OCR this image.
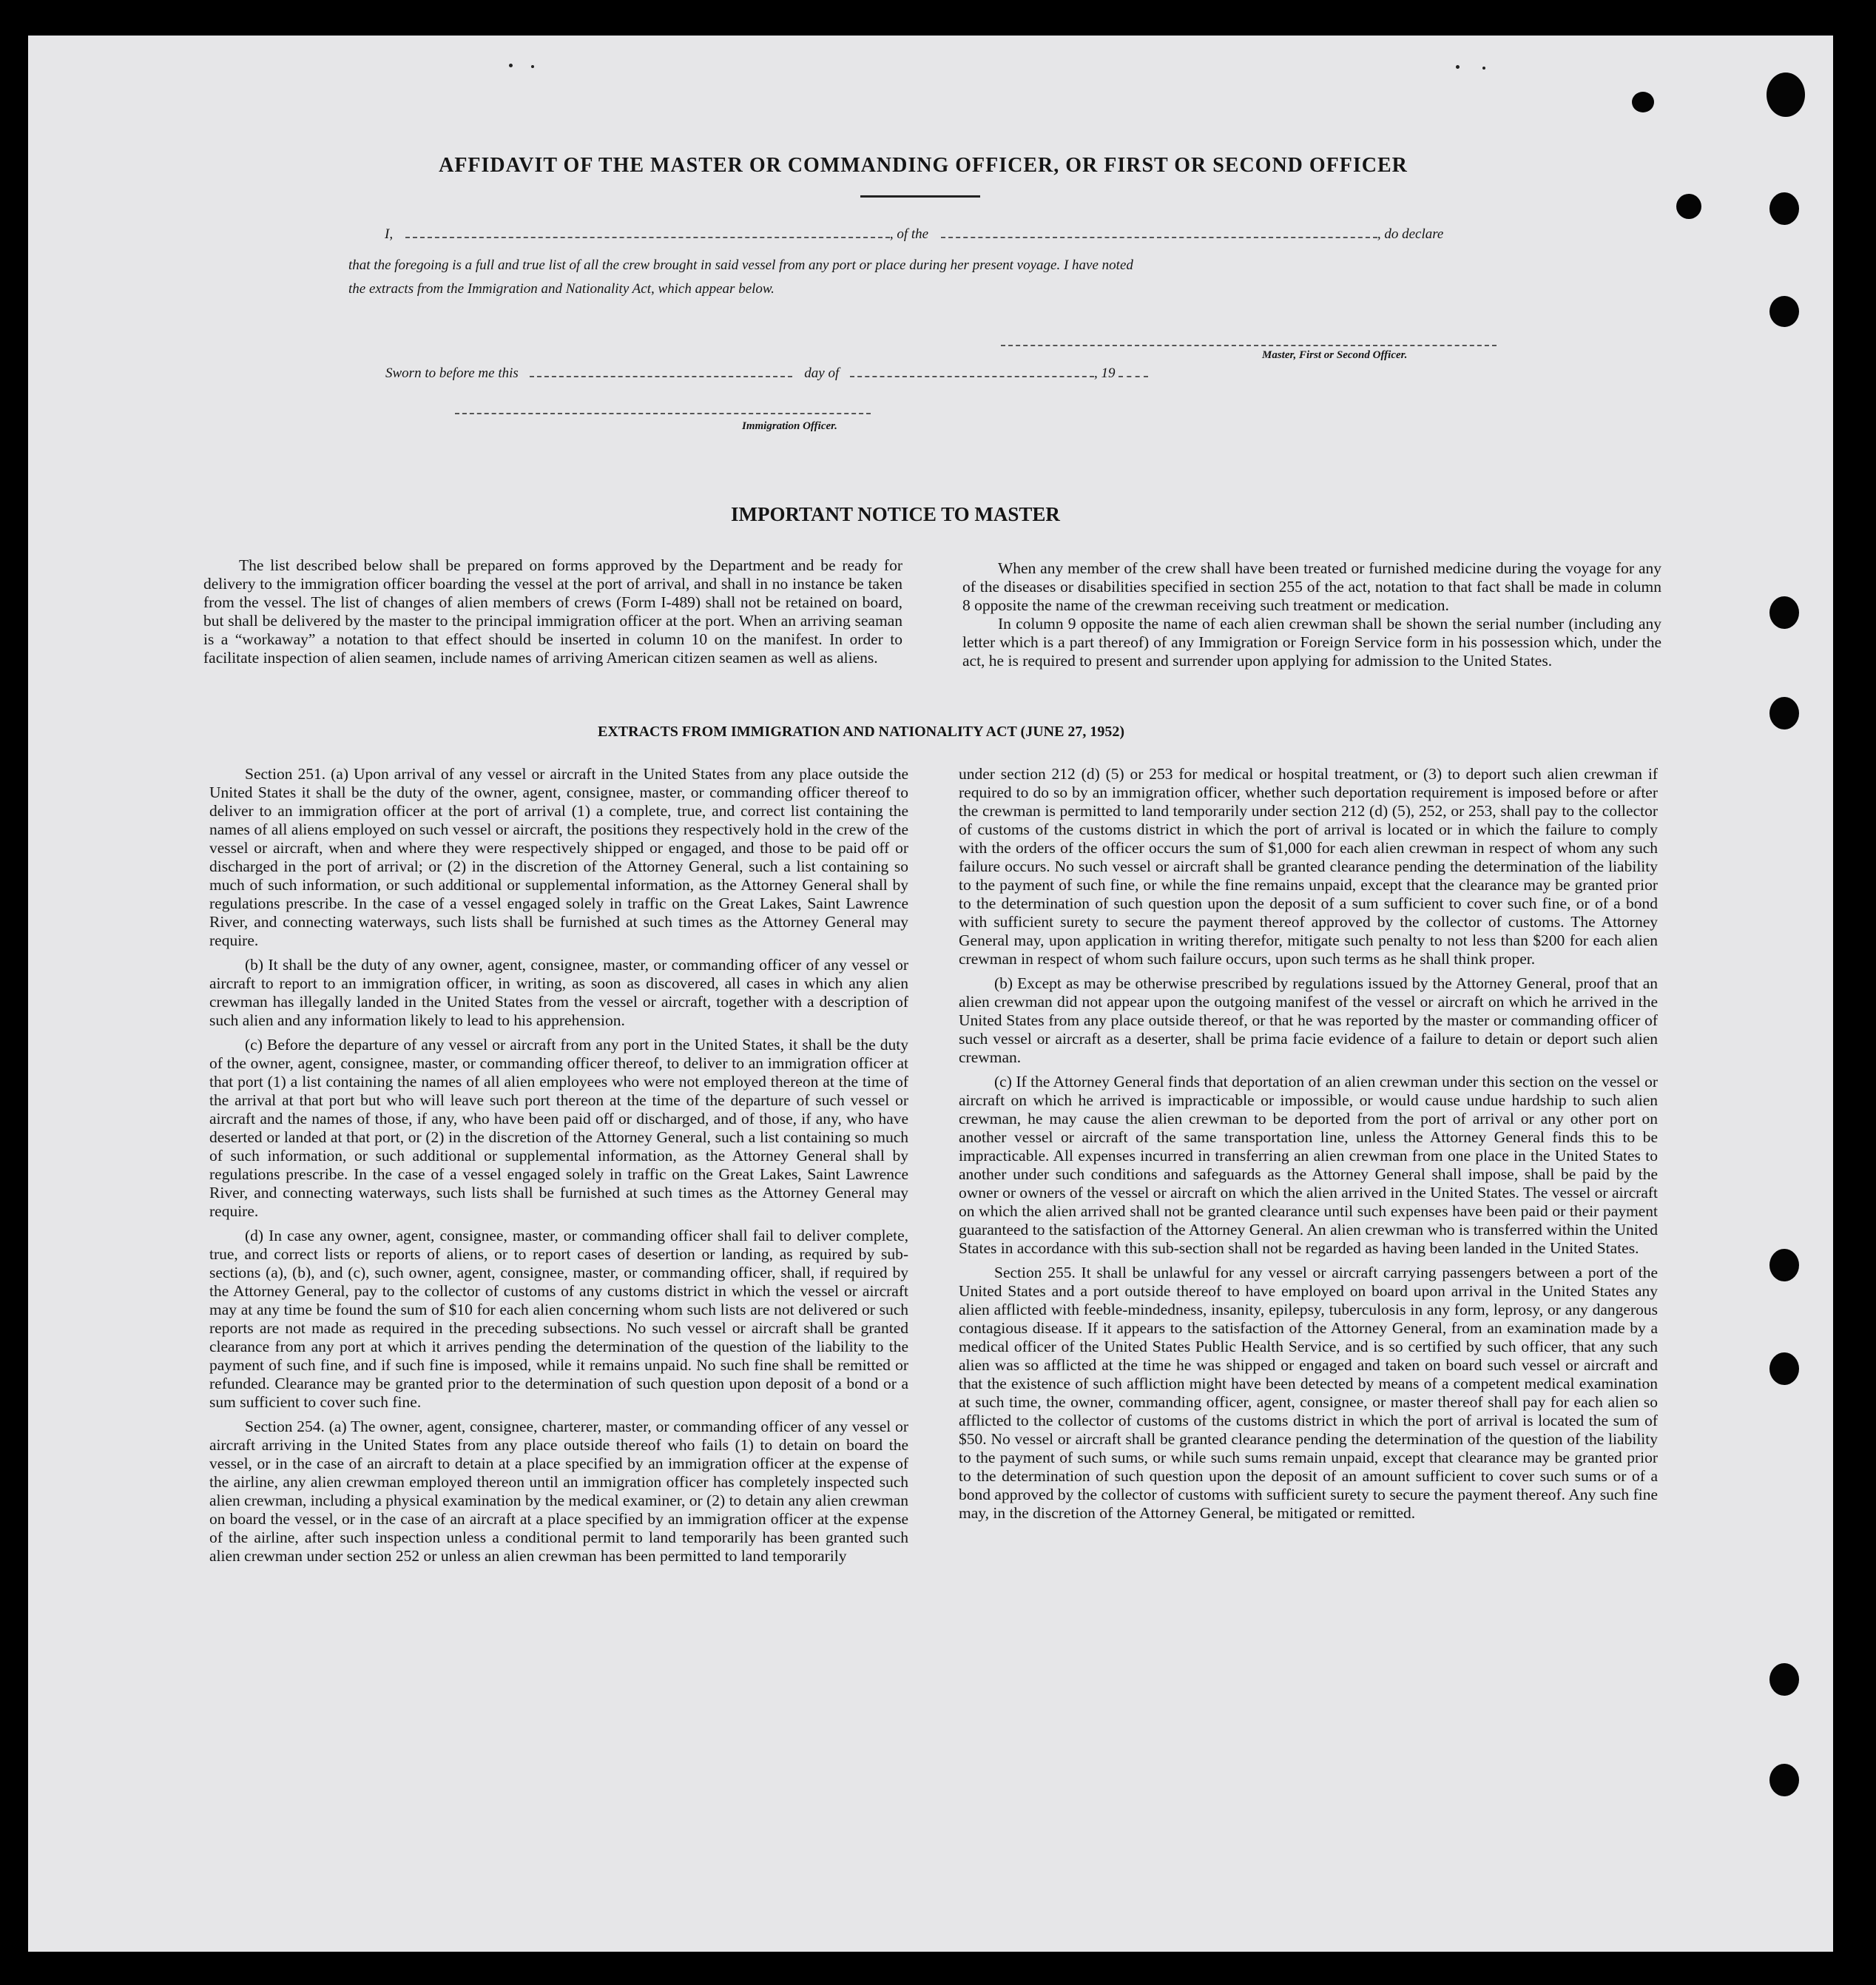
AFFIDAVIT OF THE MASTER OR COMMANDING OFFICER, OR FIRST OR SECOND OFFICER
I,	, of the	, do declare
that the foregoing is a full and true list of all the crew brought in said vessel from any port or place during her present voyage. I have noted
the extracts from the Immigration and Nationality Act, which appear below.
Master, First or Second Officer.
Sworn to before me this	day of	, 19
Immigration Officer.
IMPORTANT NOTICE TO MASTER

The list described below shall be prepared on forms approved by the Department and be ready for delivery to the immigration officer boarding the vessel at the port of arrival, and shall in no instance be taken from the vessel. The list of changes of alien members of crews (Form I-489) shall not be retained on board, but shall be delivered by the master to the principal immigration officer at the port. When an arriving seaman is a “workaway” a notation to that effect should be inserted in column 10 on the manifest. In order to facilitate inspection of alien seamen, include names of arriving American citizen seamen as well as aliens.

When any member of the crew shall have been treated or furnished medicine during the voyage for any of the diseases or disabilities specified in section 255 of the act, notation to that fact shall be made in column 8 opposite the name of the crewman receiving such treatment or medication.

In column 9 opposite the name of each alien crewman shall be shown the serial number (including any letter which is a part thereof) of any Immigration or Foreign Service form in his possession which, under the act, he is required to present and surrender upon applying for admission to the United States.

EXTRACTS FROM IMMIGRATION AND NATIONALITY ACT (JUNE 27, 1952)

Section 251. (a) Upon arrival of any vessel or aircraft in the United States from any place outside the United States it shall be the duty of the owner, agent, consignee, master, or commanding officer thereof to deliver to an immigration officer at the port of arrival (1) a complete, true, and correct list containing the names of all aliens employed on such vessel or aircraft, the positions they respectively hold in the crew of the vessel or aircraft, when and where they were respectively shipped or engaged, and those to be paid off or discharged in the port of arrival; or (2) in the discretion of the Attorney General, such a list containing so much of such information, or such additional or supplemental information, as the Attorney General shall by regulations prescribe. In the case of a vessel engaged solely in traffic on the Great Lakes, Saint Lawrence River, and connecting waterways, such lists shall be furnished at such times as the Attorney General may require.

(b) It shall be the duty of any owner, agent, consignee, master, or commanding officer of any vessel or aircraft to report to an immigration officer, in writing, as soon as discovered, all cases in which any alien crewman has illegally landed in the United States from the vessel or aircraft, together with a description of such alien and any information likely to lead to his apprehension.

(c) Before the departure of any vessel or aircraft from any port in the United States, it shall be the duty of the owner, agent, consignee, master, or commanding officer thereof, to deliver to an immigration officer at that port (1) a list containing the names of all alien employees who were not employed thereon at the time of the arrival at that port but who will leave such port thereon at the time of the departure of such vessel or aircraft and the names of those, if any, who have been paid off or discharged, and of those, if any, who have deserted or landed at that port, or (2) in the discretion of the Attorney General, such a list containing so much of such information, or such additional or supplemental information, as the Attorney General shall by regulations prescribe. In the case of a vessel engaged solely in traffic on the Great Lakes, Saint Lawrence River, and connecting waterways, such lists shall be furnished at such times as the Attorney General may require.

(d) In case any owner, agent, consignee, master, or commanding officer shall fail to deliver complete, true, and correct lists or reports of aliens, or to report cases of desertion or landing, as required by sub-sections (a), (b), and (c), such owner, agent, consignee, master, or commanding officer, shall, if required by the Attorney General, pay to the collector of customs of any customs district in which the vessel or aircraft may at any time be found the sum of $10 for each alien concerning whom such lists are not delivered or such reports are not made as required in the preceding subsections. No such vessel or aircraft shall be granted clearance from any port at which it arrives pending the determination of the question of the liability to the payment of such fine, and if such fine is imposed, while it remains unpaid. No such fine shall be remitted or refunded. Clearance may be granted prior to the determination of such question upon deposit of a bond or a sum sufficient to cover such fine.

Section 254. (a) The owner, agent, consignee, charterer, master, or commanding officer of any vessel or aircraft arriving in the United States from any place outside thereof who fails (1) to detain on board the vessel, or in the case of an aircraft to detain at a place specified by an immigration officer at the expense of the airline, any alien crewman employed thereon until an immigration officer has completely inspected such alien crewman, including a physical examination by the medical examiner, or (2) to detain any alien crewman on board the vessel, or in the case of an aircraft at a place specified by an immigration officer at the expense of the airline, after such inspection unless a conditional permit to land temporarily has been granted such alien crewman under section 252 or unless an alien crewman has been permitted to land temporarily

under section 212 (d) (5) or 253 for medical or hospital treatment, or (3) to deport such alien crewman if required to do so by an immigration officer, whether such deportation requirement is imposed before or after the crewman is permitted to land temporarily under section 212 (d) (5), 252, or 253, shall pay to the collector of customs of the customs district in which the port of arrival is located or in which the failure to comply with the orders of the officer occurs the sum of $1,000 for each alien crewman in respect of whom any such failure occurs. No such vessel or aircraft shall be granted clearance pending the determination of the liability to the payment of such fine, or while the fine remains unpaid, except that the clearance may be granted prior to the determination of such question upon the deposit of a sum sufficient to cover such fine, or of a bond with sufficient surety to secure the payment thereof approved by the collector of customs. The Attorney General may, upon application in writing therefor, mitigate such penalty to not less than $200 for each alien crewman in respect of whom such failure occurs, upon such terms as he shall think proper.

(b) Except as may be otherwise prescribed by regulations issued by the Attorney General, proof that an alien crewman did not appear upon the outgoing manifest of the vessel or aircraft on which he arrived in the United States from any place outside thereof, or that he was reported by the master or commanding officer of such vessel or aircraft as a deserter, shall be prima facie evidence of a failure to detain or deport such alien crewman.

(c) If the Attorney General finds that deportation of an alien crewman under this section on the vessel or aircraft on which he arrived is impracticable or impossible, or would cause undue hardship to such alien crewman, he may cause the alien crewman to be deported from the port of arrival or any other port on another vessel or aircraft of the same transportation line, unless the Attorney General finds this to be impracticable. All expenses incurred in transferring an alien crewman from one place in the United States to another under such conditions and safeguards as the Attorney General shall impose, shall be paid by the owner or owners of the vessel or aircraft on which the alien arrived in the United States. The vessel or aircraft on which the alien arrived shall not be granted clearance until such expenses have been paid or their payment guaranteed to the satisfaction of the Attorney General. An alien crewman who is transferred within the United States in accordance with this sub-section shall not be regarded as having been landed in the United States.

Section 255. It shall be unlawful for any vessel or aircraft carrying passengers between a port of the United States and a port outside thereof to have employed on board upon arrival in the United States any alien afflicted with feeble-mindedness, insanity, epilepsy, tuberculosis in any form, leprosy, or any dangerous contagious disease. If it appears to the satisfaction of the Attorney General, from an examination made by a medical officer of the United States Public Health Service, and is so certified by such officer, that any such alien was so afflicted at the time he was shipped or engaged and taken on board such vessel or aircraft and that the existence of such affliction might have been detected by means of a competent medical examination at such time, the owner, commanding officer, agent, consignee, or master thereof shall pay for each alien so afflicted to the collector of customs of the customs district in which the port of arrival is located the sum of $50. No vessel or aircraft shall be granted clearance pending the determination of the question of the liability to the payment of such sums, or while such sums remain unpaid, except that clearance may be granted prior to the determination of such question upon the deposit of an amount sufficient to cover such sums or of a bond approved by the collector of customs with sufficient surety to secure the payment thereof. Any such fine may, in the discretion of the Attorney General, be mitigated or remitted.
